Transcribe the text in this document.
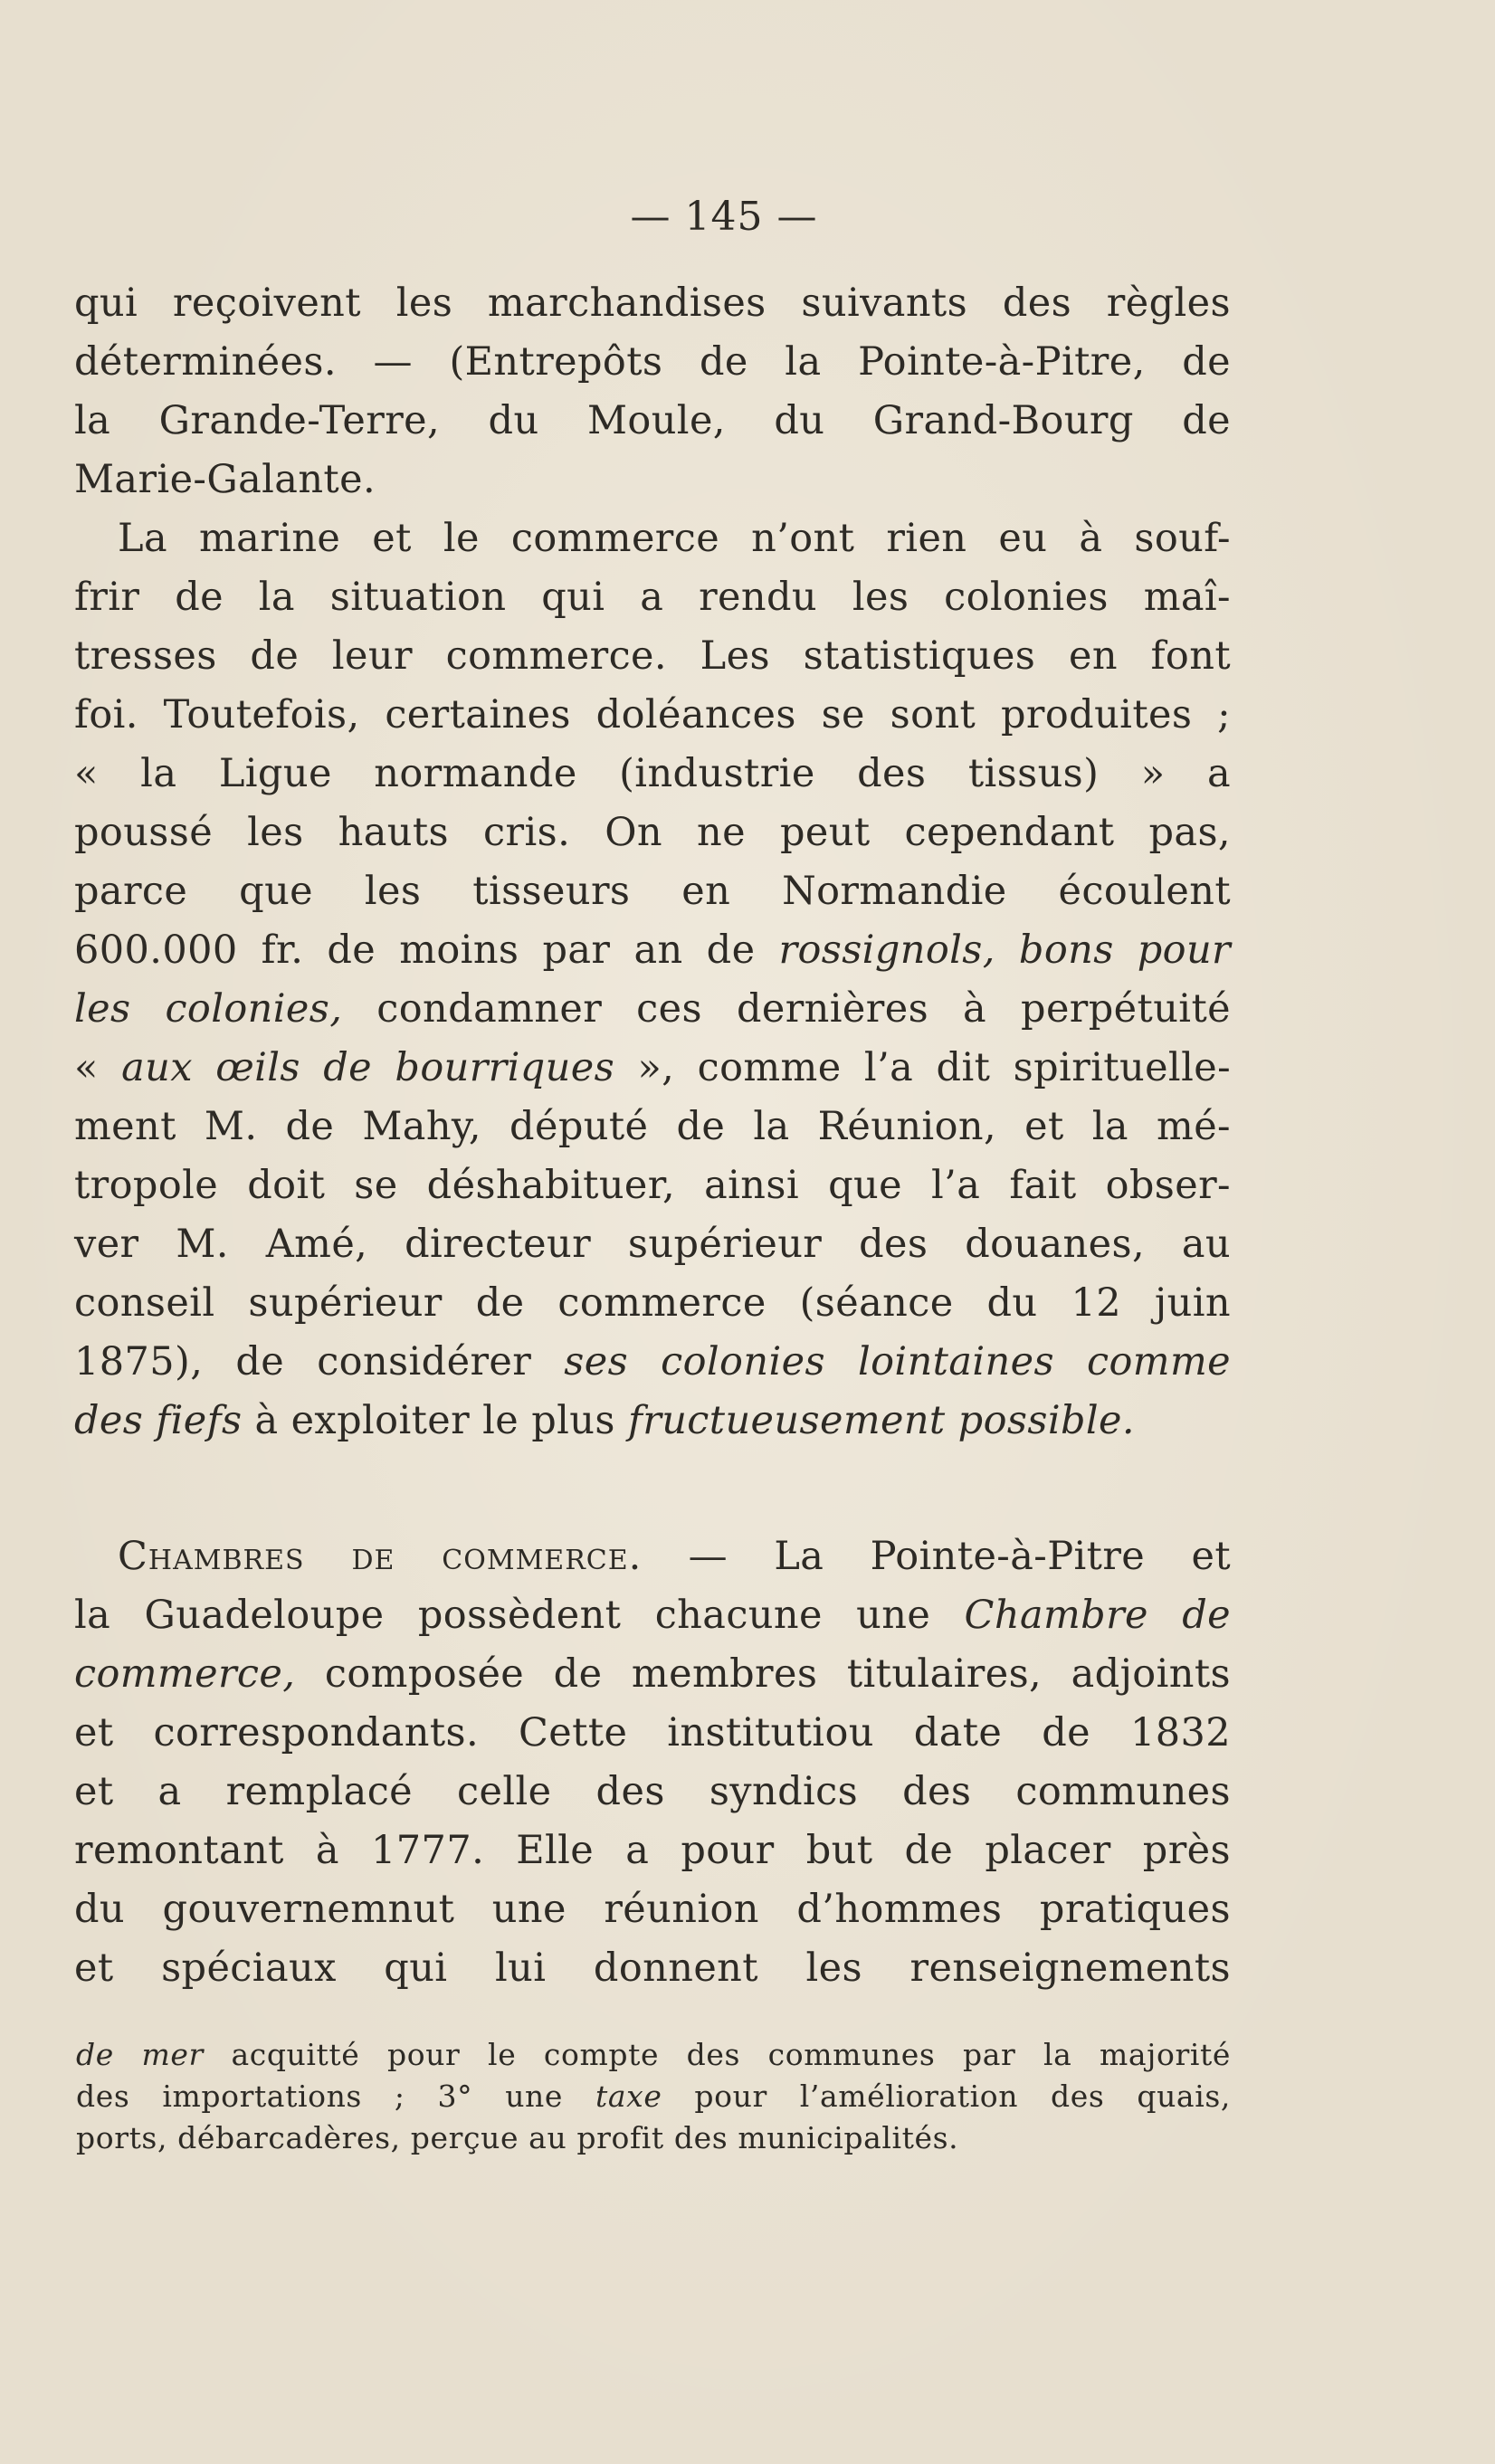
— 145 —
qui reçoivent les marchandises suivants des règles
déterminées. — (Entrepôts de la Pointe-à-Pitre, de
la Grande-Terre, du Moule, du Grand-Bourg de
Marie-Galante.
La marine et le commerce n’ont rien eu à souf-
frir de la situation qui a rendu les colonies maî-
tresses de leur commerce. Les statistiques en font
foi. Toutefois, certaines doléances se sont produites ;
« la Ligue normande (industrie des tissus) » a
poussé les hauts cris. On ne peut cependant pas,
parce que les tisseurs en Normandie écoulent
600.000 fr. de moins par an de rossignols, bons pour
les colonies, condamner ces dernières à perpétuité
« aux œils de bourriques », comme l’a dit spirituelle-
ment M. de Mahy, député de la Réunion, et la mé-
tropole doit se déshabituer, ainsi que l’a fait obser-
ver M. Amé, directeur supérieur des douanes, au
conseil supérieur de commerce (séance du 12 juin
1875), de considérer ses colonies lointaines comme
des fiefs à exploiter le plus fructueusement possible.
Chambres de commerce. — La Pointe-à-Pitre et
la Guadeloupe possèdent chacune une Chambre de
commerce, composée de membres titulaires, adjoints
et correspondants. Cette institutiou date de 1832
et a remplacé celle des syndics des communes
remontant à 1777. Elle a pour but de placer près
du gouvernemnut une réunion d’hommes pratiques
et spéciaux qui lui donnent les renseignements
de mer acquitté pour le compte des communes par la majorité
des importations ; 3° une taxe pour l’amélioration des quais,
ports, débarcadères, perçue au profit des municipalités.
